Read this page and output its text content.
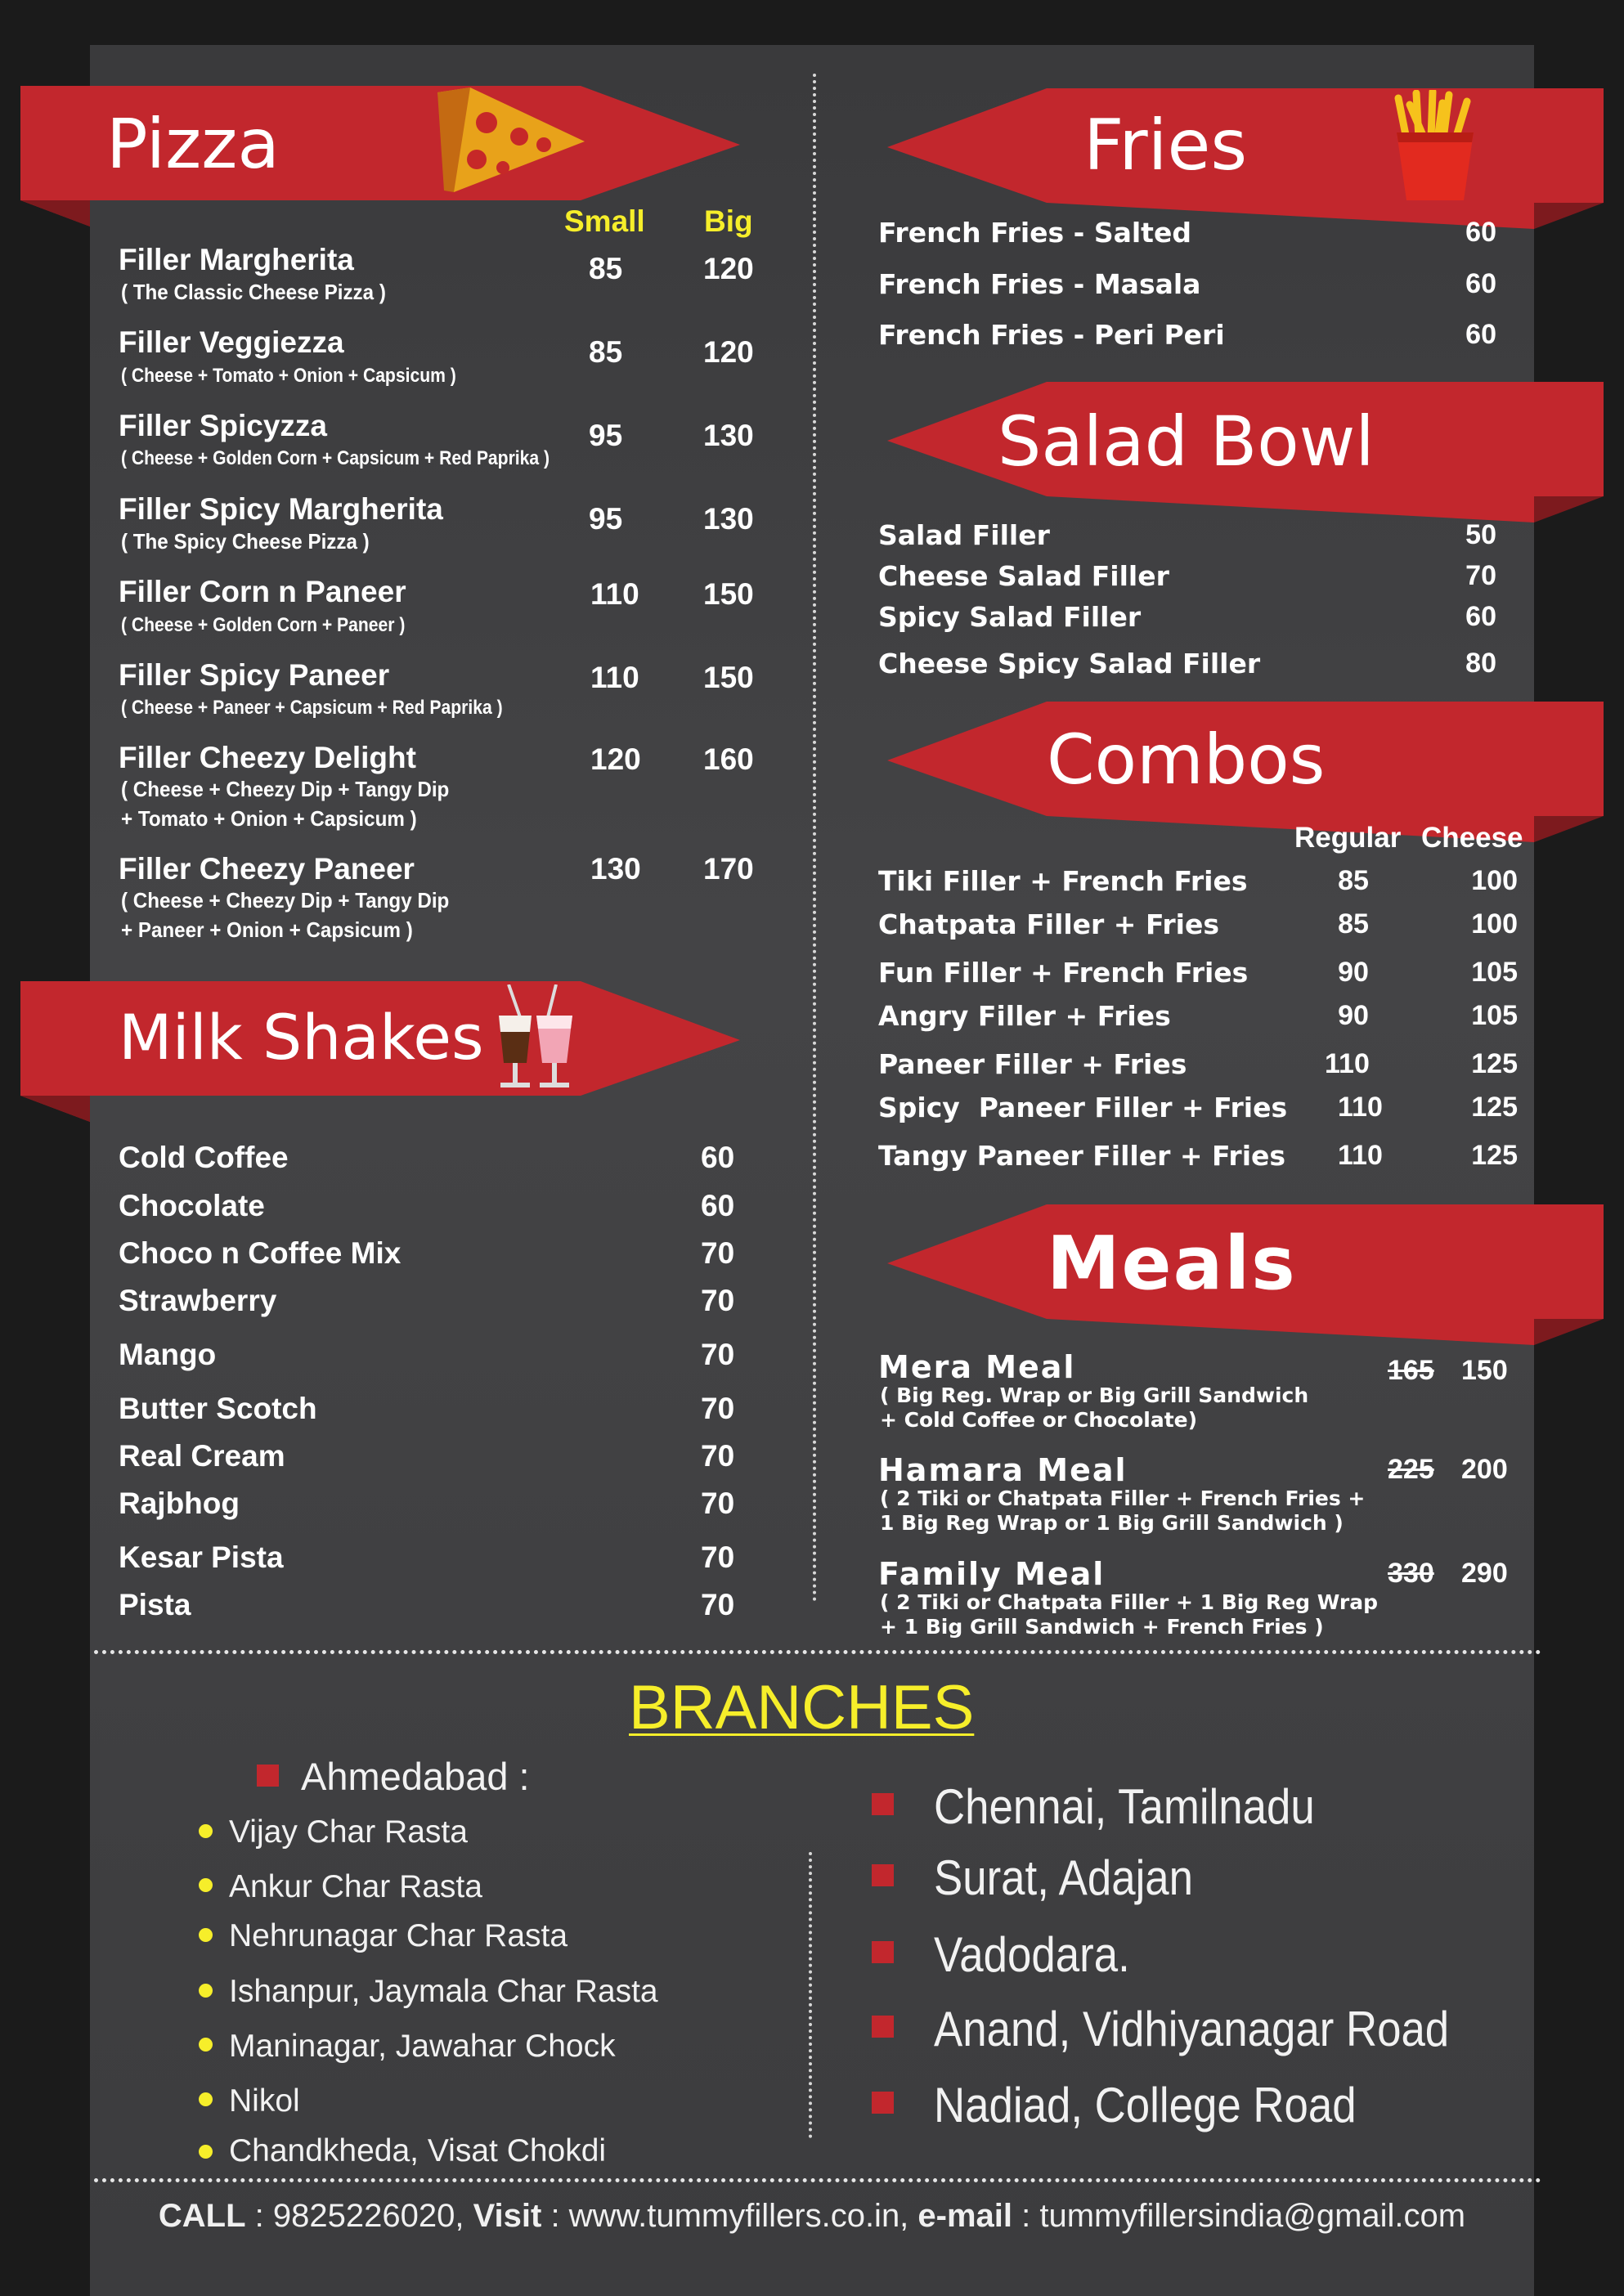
Pizza
Small Big
Filler Margherita
( The Classic Cheese Pizza )
85	120
Filler Veggiezza
( Cheese + Tomato + Onion + Capsicum )
85	120
Filler Spicyzza
( Cheese + Golden Corn + Capsicum + Red Paprika )
95	130
Filler Spicy Margherita
( The Spicy Cheese Pizza )
95	130
Filler Corn n Paneer
( Cheese + Golden Corn + Paneer )
110 150
Filler Spicy Paneer
( Cheese + Paneer + Capsicum + Red Paprika )
110 150
Filler Cheezy Delight
( Cheese + Cheezy Dip + Tangy Dip
+ Tomato + Onion + Capsicum )
120 160
Filler Cheezy Paneer
( Cheese + Cheezy Dip + Tangy Dip
+ Paneer + Onion + Capsicum )
130 170
Milk Shakes
Cold Coffee	60
Chocolate	60
Choco n Coffee Mix	70
Strawberry	70
Mango	70
Butter Scotch	70
Real Cream	70
Rajbhog	70
Kesar Pista	70
Pista	70
Fries
French Fries - Salted	60
French Fries - Masala	60
French Fries - Peri Peri	60
Salad Bowl
Salad Filler	50
Cheese Salad Filler	70
Spicy Salad Filler	60
Cheese Spicy Salad Filler	80
Combos
Regular Cheese
Tiki Filler + French Fries	85	100
Chatpata Filler + Fries	85	100
Fun Filler + French Fries	90	105
Angry Filler + Fries	90	105
Paneer Filler + Fries	110	125
Spicy  Paneer Filler + Fries 110	125
Tangy Paneer Filler + Fries 110	125
Meals
Mera Meal
( Big Reg. Wrap or Big Grill Sandwich
+ Cold Coffee or Chocolate)
165 150
Hamara Meal
( 2 Tiki or Chatpata Filler + French Fries +
1 Big Reg Wrap or 1 Big Grill Sandwich )
225 200
Family Meal
( 2 Tiki or Chatpata Filler + 1 Big Reg Wrap
+ 1 Big Grill Sandwich + French Fries )
330 290
BRANCHES
Ahmedabad :
Vijay Char Rasta
Ankur Char Rasta
Nehrunagar Char Rasta
Ishanpur, Jaymala Char Rasta
Maninagar, Jawahar Chock
Nikol
Chandkheda, Visat Chokdi
Chennai, Tamilnadu
Surat, Adajan
Vadodara.
Anand, Vidhiyanagar Road
Nadiad, College Road
CALL : 9825226020, Visit : www.tummyfillers.co.in, e-mail : tummyfillersindia@gmail.com
